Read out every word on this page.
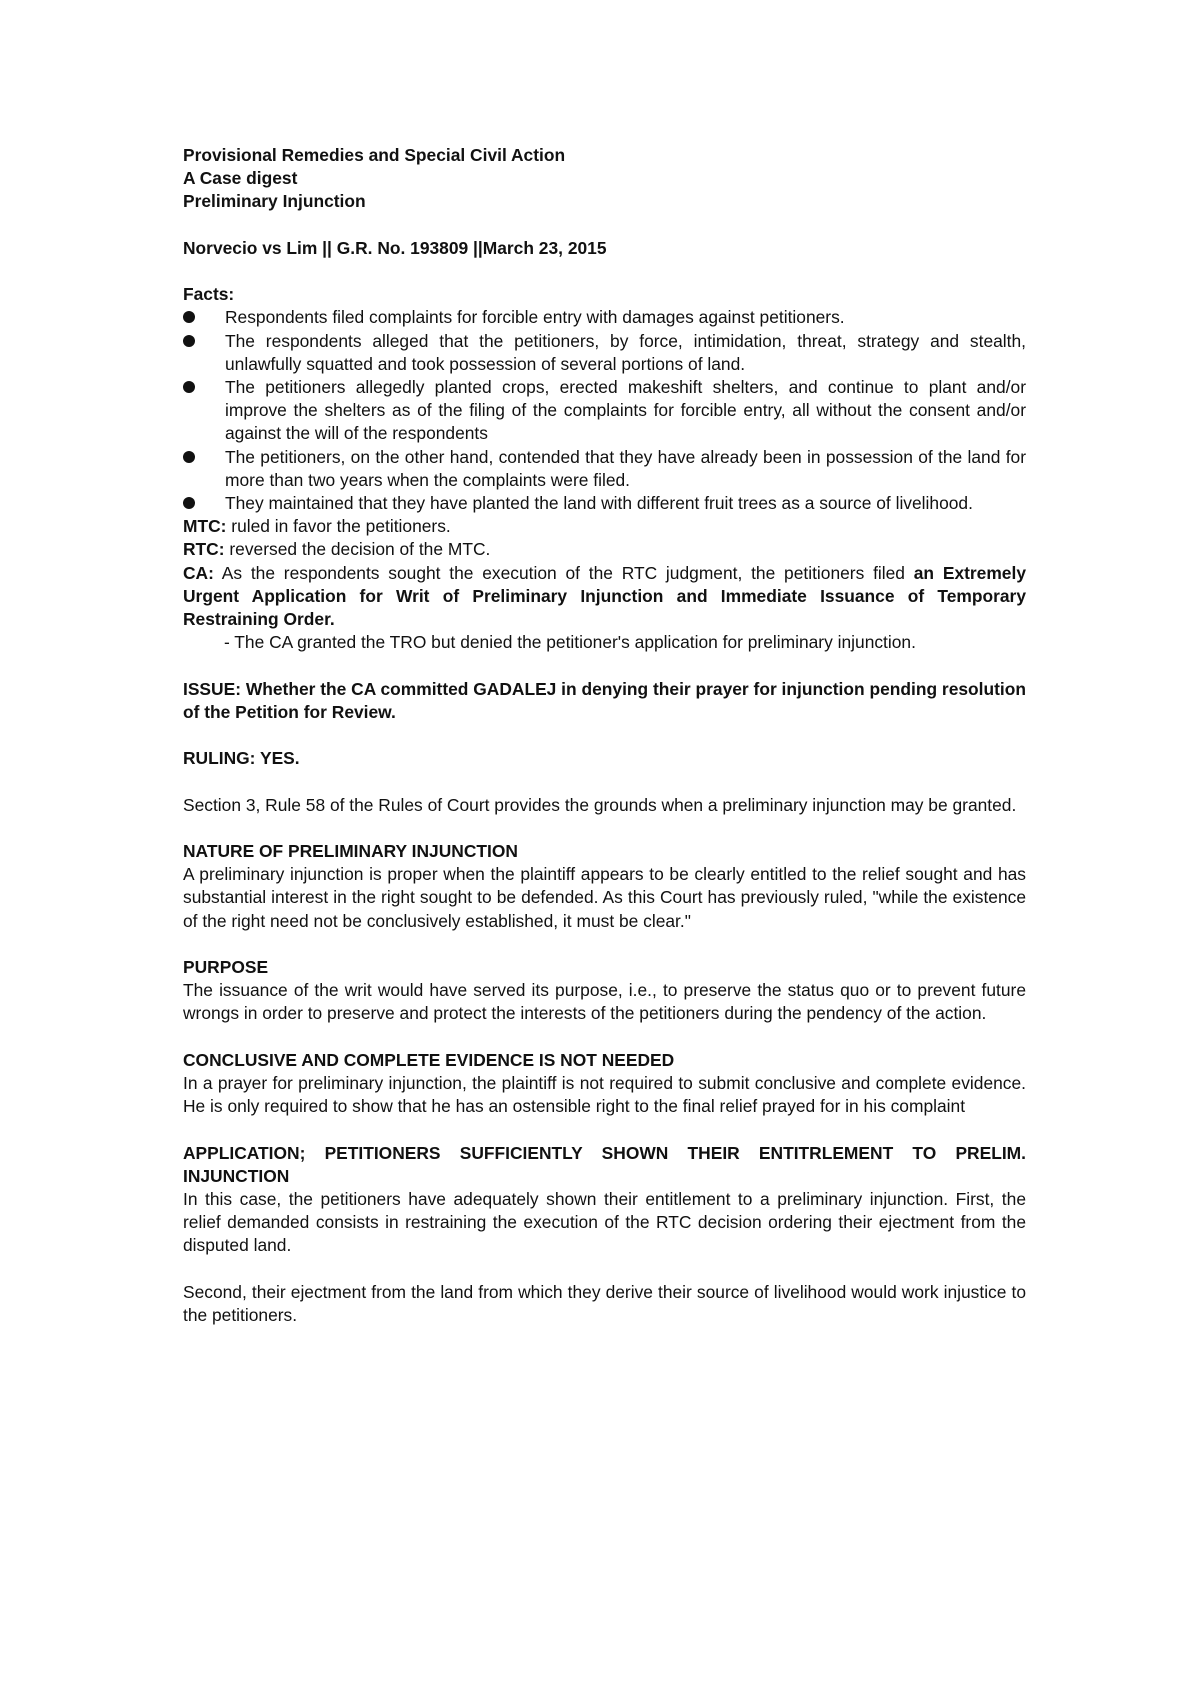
Provisional Remedies and Special Civil Action

A Case digest

Preliminary Injunction

Norvecio vs Lim || G.R. No. 193809 ||March 23, 2015

Facts:

Respondents filed complaints for forcible entry with damages against petitioners.
The respondents alleged that the petitioners, by force, intimidation, threat, strategy and stealth, unlawfully squatted and took possession of several portions of land.
The petitioners allegedly planted crops, erected makeshift shelters, and continue to plant and/or improve the shelters as of the filing of the complaints for forcible entry, all without the consent and/or against the will of the respondents
The petitioners, on the other hand, contended that they have already been in possession of the land for more than two years when the complaints were filed.
They maintained that they have planted the land with different fruit trees as a source of livelihood.

MTC: ruled in favor the petitioners.

RTC: reversed the decision of the MTC.

CA: As the respondents sought the execution of the RTC judgment, the petitioners filed an Extremely Urgent Application for Writ of Preliminary Injunction and Immediate Issuance of Temporary Restraining Order.

- The CA granted the TRO but denied the petitioner's application for preliminary injunction.

ISSUE: Whether the CA committed GADALEJ in denying their prayer for injunction pending resolution of the Petition for Review.

RULING: YES.

Section 3, Rule 58 of the Rules of Court provides the grounds when a preliminary injunction may be granted.

NATURE OF PRELIMINARY INJUNCTION

A preliminary injunction is proper when the plaintiff appears to be clearly entitled to the relief sought and has substantial interest in the right sought to be defended. As this Court has previously ruled, "while the existence of the right need not be conclusively established, it must be clear."

PURPOSE

The issuance of the writ would have served its purpose, i.e., to preserve the status quo or to prevent future wrongs in order to preserve and protect the interests of the petitioners during the pendency of the action.

CONCLUSIVE AND COMPLETE EVIDENCE IS NOT NEEDED

In a prayer for preliminary injunction, the plaintiff is not required to submit conclusive and complete evidence. He is only required to show that he has an ostensible right to the final relief prayed for in his complaint

APPLICATION; PETITIONERS SUFFICIENTLY SHOWN THEIR ENTITRLEMENT TO PRELIM. INJUNCTION

In this case, the petitioners have adequately shown their entitlement to a preliminary injunction. First, the relief demanded consists in restraining the execution of the RTC decision ordering their ejectment from the disputed land.

Second, their ejectment from the land from which they derive their source of livelihood would work injustice to the petitioners.
